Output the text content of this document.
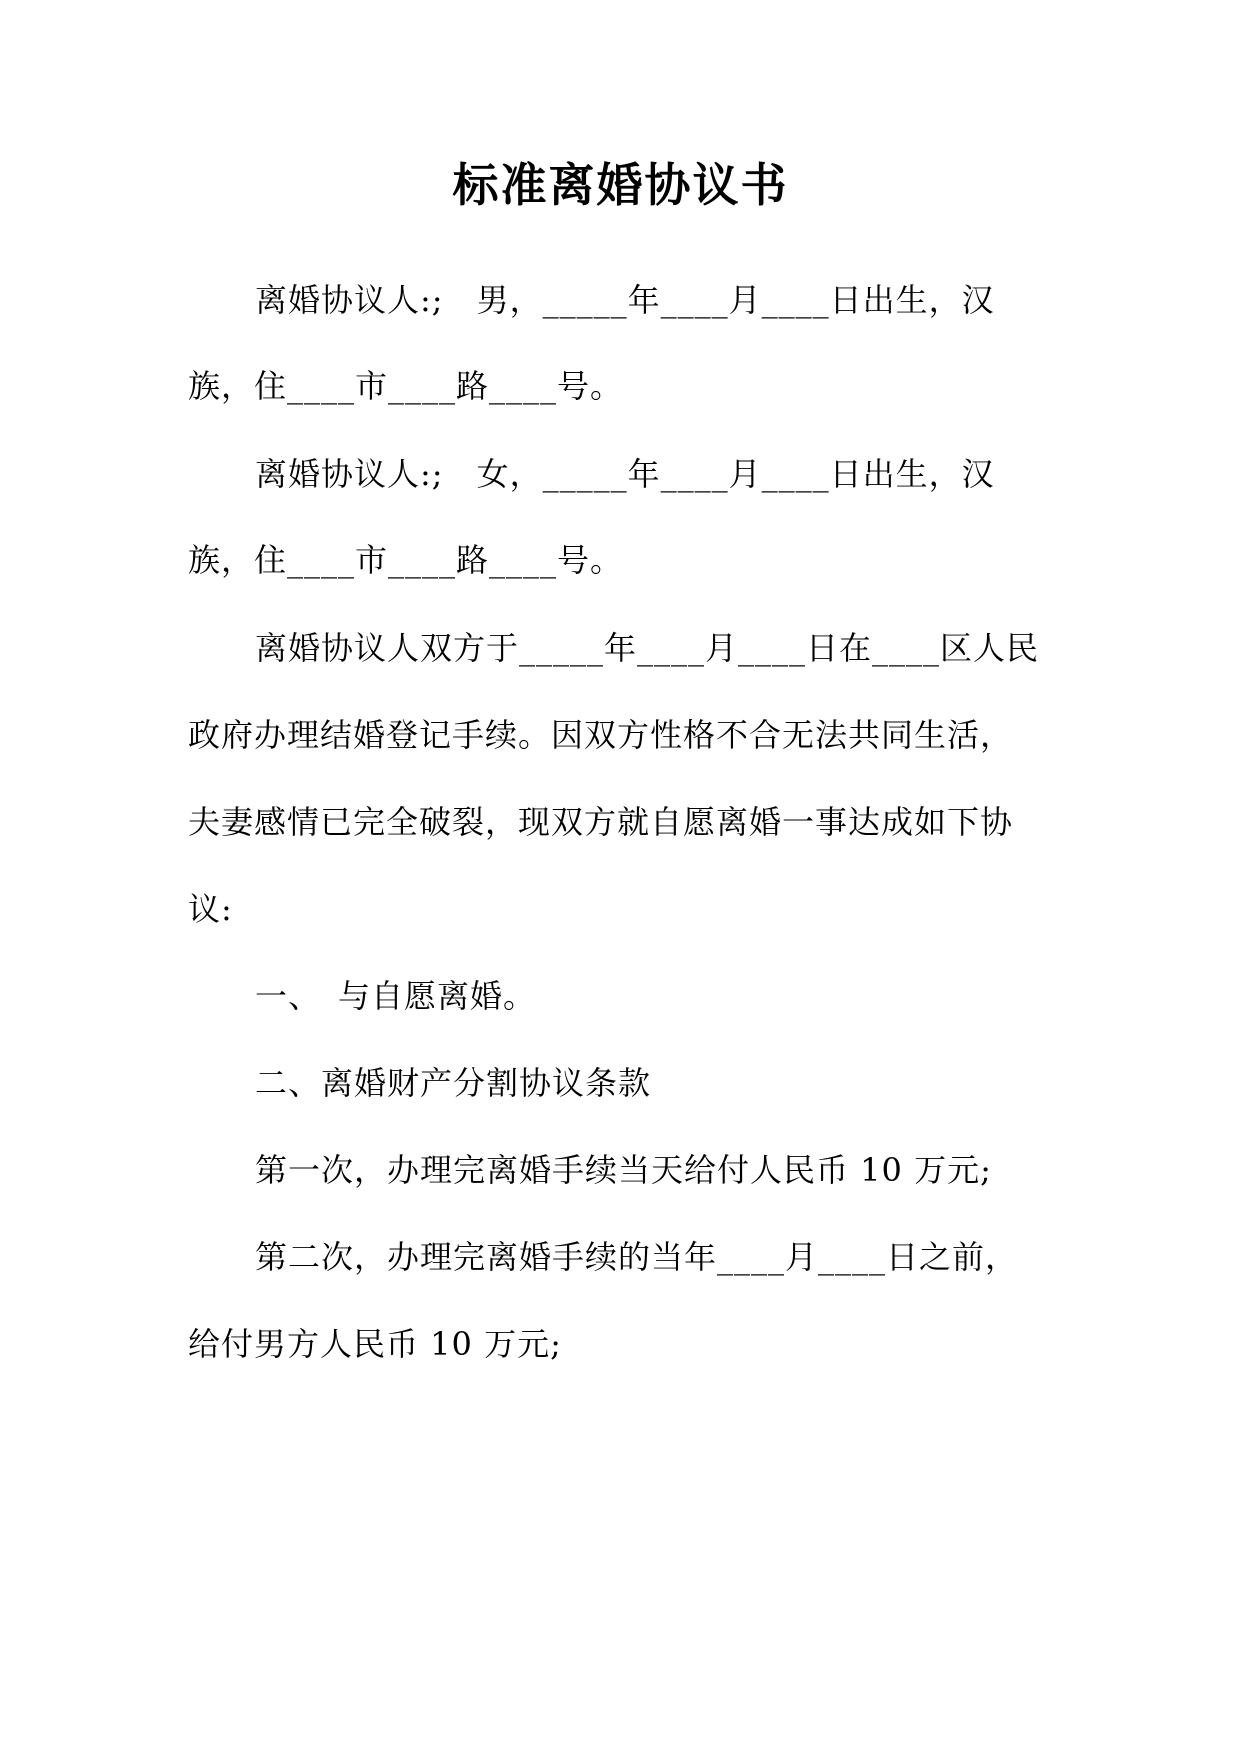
标准离婚协议书
离婚协议人:;　男，_____年____月____日出生，汉
族，住____市____路____号。
离婚协议人:;　女，_____年____月____日出生，汉
族，住____市____路____号。
离婚协议人双方于_____年____月____日在____区人民
政府办理结婚登记手续。因双方性格不合无法共同生活，
夫妻感情已完全破裂，现双方就自愿离婚一事达成如下协
议:
一、　与自愿离婚。
二、离婚财产分割协议条款
第一次，办理完离婚手续当天给付人民币 10 万元;
第二次，办理完离婚手续的当年____月____日之前，
给付男方人民币 10 万元;
